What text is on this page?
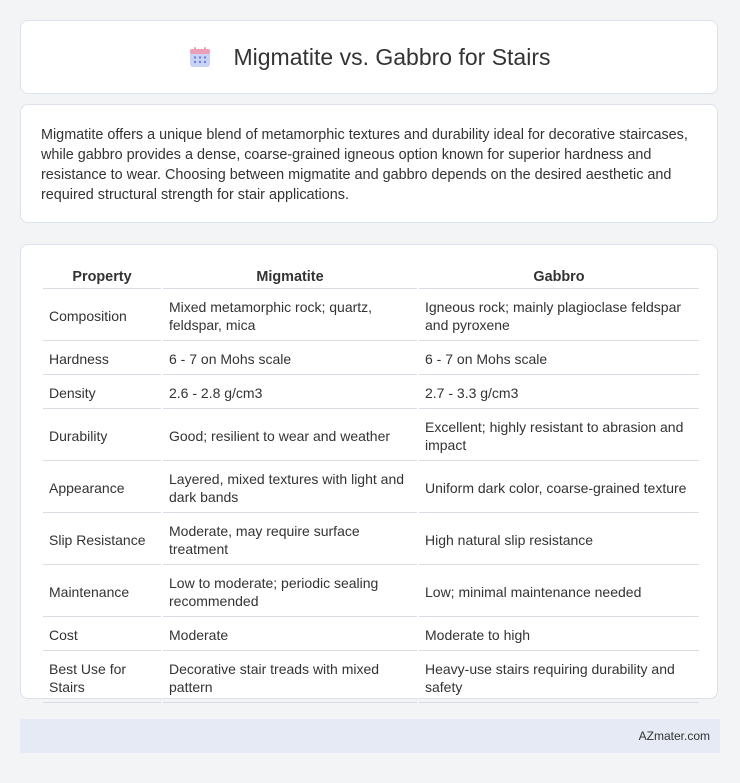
Migmatite vs. Gabbro for Stairs

Migmatite offers a unique blend of metamorphic textures and durability ideal for decorative staircases, while gabbro provides a dense, coarse-grained igneous option known for superior hardness and resistance to wear. Choosing between migmatite and gabbro depends on the desired aesthetic and required structural strength for stair applications.

Property	Migmatite	Gabbro
Composition	Mixed metamorphic rock; quartz, feldspar, mica	Igneous rock; mainly plagioclase feldspar and pyroxene
Hardness	6 - 7 on Mohs scale	6 - 7 on Mohs scale
Density	2.6 - 2.8 g/cm3	2.7 - 3.3 g/cm3
Durability	Good; resilient to wear and weather	Excellent; highly resistant to abrasion and impact
Appearance	Layered, mixed textures with light and dark bands	Uniform dark color, coarse-grained texture
Slip Resistance	Moderate, may require surface treatment	High natural slip resistance
Maintenance	Low to moderate; periodic sealing recommended	Low; minimal maintenance needed
Cost	Moderate	Moderate to high
Best Use for Stairs	Decorative stair treads with mixed pattern	Heavy-use stairs requiring durability and safety
AZmater.com
